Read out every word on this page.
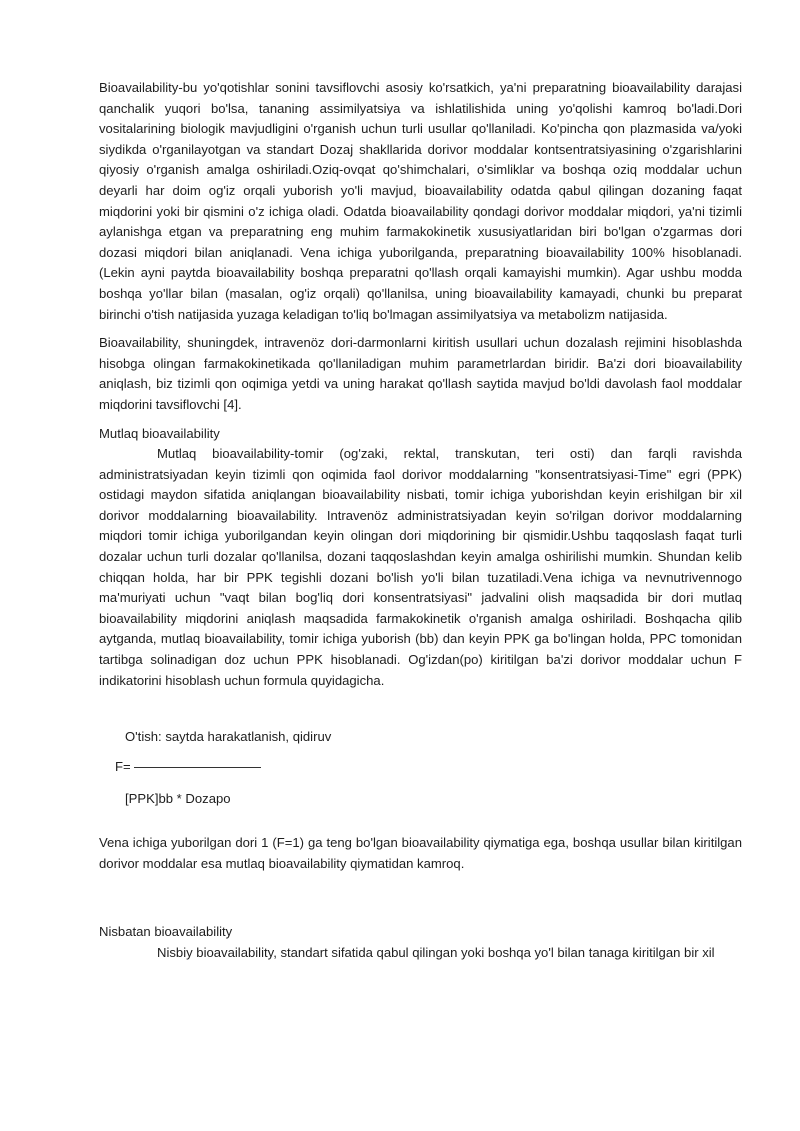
Bioavailability-bu yo'qotishlar sonini tavsiflovchi asosiy ko'rsatkich, ya'ni preparatning bioavailability darajasi qanchalik yuqori bo'lsa, tananing assimilyatsiya va ishlatilishida uning yo'qolishi kamroq bo'ladi.Dori vositalarining biologik mavjudligini o'rganish uchun turli usullar qo'llaniladi. Ko'pincha qon plazmasida va/yoki siydikda o'rganilayotgan va standart Dozaj shakllarida dorivor moddalar kontsentratsiyasining o'zgarishlarini qiyosiy o'rganish amalga oshiriladi.Oziq-ovqat qo'shimchalari, o'simliklar va boshqa oziq moddalar uchun deyarli har doim og'iz orqali yuborish yo'li mavjud, bioavailability odatda qabul qilingan dozaning faqat miqdorini yoki bir qismini o'z ichiga oladi. Odatda bioavailability qondagi dorivor moddalar miqdori, ya'ni tizimli aylanishga etgan va preparatning eng muhim farmakokinetik xususiyatlaridan biri bo'lgan o'zgarmas dori dozasi miqdori bilan aniqlanadi. Vena ichiga yuborilganda, preparatning bioavailability 100% hisoblanadi. (Lekin ayni paytda bioavailability boshqa preparatni qo'llash orqali kamayishi mumkin). Agar ushbu modda boshqa yo'llar bilan (masalan, og'iz orqali) qo'llanilsa, uning bioavailability kamayadi, chunki bu preparat birinchi o'tish natijasida yuzaga keladigan to'liq bo'lmagan assimilyatsiya va metabolizm natijasida.

Bioavailability, shuningdek, intravenöz dori-darmonlarni kiritish usullari uchun dozalash rejimini hisoblashda hisobga olingan farmakokinetikada qo'llaniladigan muhim parametrlardan biridir. Ba'zi dori bioavailability aniqlash, biz tizimli qon oqimiga yetdi va uning harakat qo'llash saytida mavjud bo'ldi davolash faol moddalar miqdorini tavsiflovchi [4].

Mutlaq bioavailability

Mutlaq bioavailability-tomir (og'zaki, rektal, transkutan, teri osti) dan farqli ravishda administratsiyadan keyin tizimli qon oqimida faol dorivor moddalarning "konsentratsiyasi-Time" egri (PPK) ostidagi maydon sifatida aniqlangan bioavailability nisbati, tomir ichiga yuborishdan keyin erishilgan bir xil dorivor moddalarning bioavailability. Intravenöz administratsiyadan keyin so'rilgan dorivor moddalarning miqdori tomir ichiga yuborilgandan keyin olingan dori miqdorining bir qismidir.Ushbu taqqoslash faqat turli dozalar uchun turli dozalar qo'llanilsa, dozani taqqoslashdan keyin amalga oshirilishi mumkin. Shundan kelib chiqqan holda, har bir PPK tegishli dozani bo'lish yo'li bilan tuzatiladi.Vena ichiga va nevnutrivennogo ma'muriyati uchun "vaqt bilan bog'liq dori konsentratsiyasi" jadvalini olish maqsadida bir dori mutlaq bioavailability miqdorini aniqlash maqsadida farmakokinetik o'rganish amalga oshiriladi. Boshqacha qilib aytganda, mutlaq bioavailability, tomir ichiga yuborish (bb) dan keyin PPK ga bo'lingan holda, PPC tomonidan tartibga solinadigan doz uchun PPK hisoblanadi. Og'izdan(po) kiritilgan ba'zi dorivor moddalar uchun F indikatorini hisoblash uchun formula quyidagicha.

O'tish: saytda harakatlanish, qidiruv
F=
[PPK]bb * Dozapo

Vena ichiga yuborilgan dori 1 (F=1) ga teng bo'lgan bioavailability qiymatiga ega, boshqa usullar bilan kiritilgan dorivor moddalar esa mutlaq bioavailability qiymatidan kamroq.

Nisbatan bioavailability

Nisbiy bioavailability, standart sifatida qabul qilingan yoki boshqa yo'l bilan tanaga kiritilgan bir xil
